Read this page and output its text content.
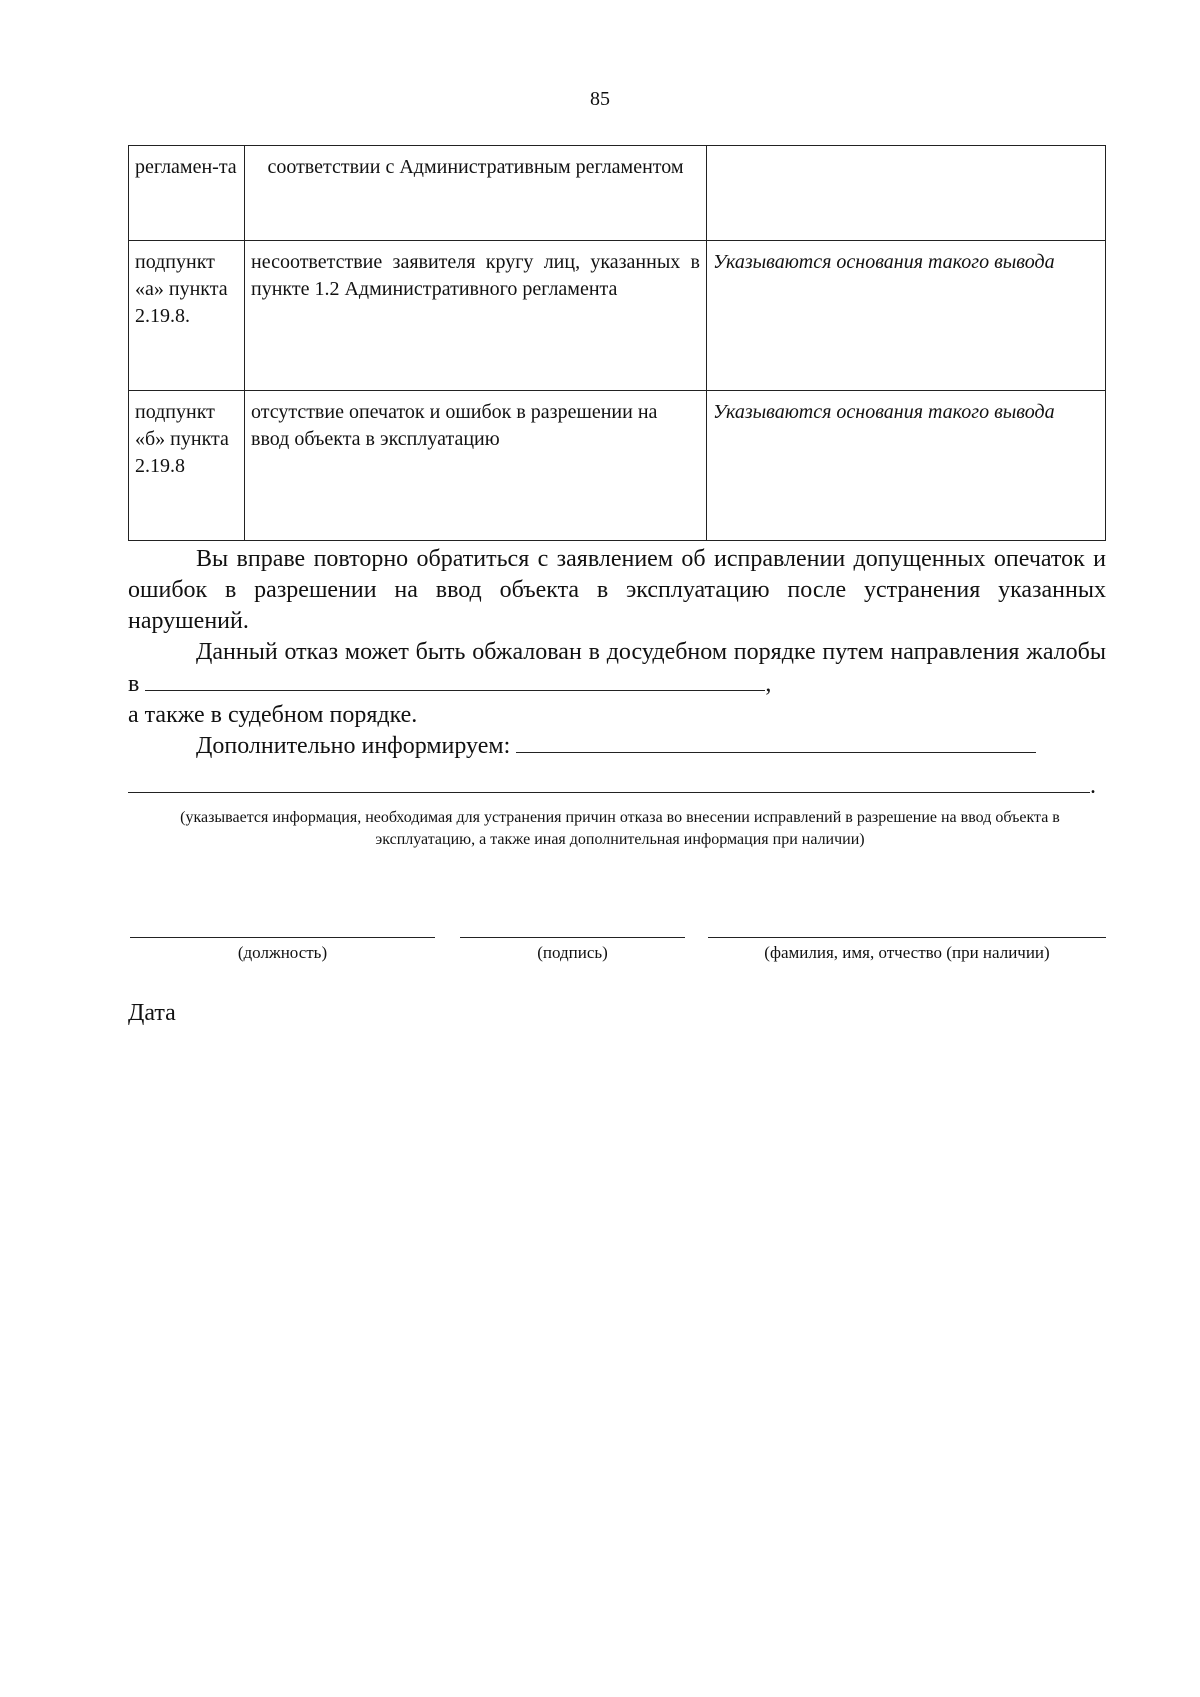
85
регламен-та	соответствии с Административным регламентом	
подпункт «а» пункта 2.19.8.	несоответствие заявителя кругу лиц, указанных в пункте 1.2 Административного регламента	Указываются основания такого вывода
подпункт «б» пункта 2.19.8	отсутствие опечаток и ошибок в разрешении на ввод объекта в эксплуатацию	Указываются основания такого вывода
Вы вправе повторно обратиться с заявлением об исправлении допущенных опечаток и ошибок в разрешении на ввод объекта в эксплуатацию после устранения указанных нарушений.
Данный отказ может быть обжалован в досудебном порядке путем направления жалобы в	,
а также в судебном порядке.
Дополнительно информируем:
.
(указывается информация, необходимая для устранения причин отказа во внесении исправлений в разрешение на ввод объекта в эксплуатацию, а также иная дополнительная информация при наличии)
(должность)	(подпись)	(фамилия, имя, отчество (при наличии)
Дата
